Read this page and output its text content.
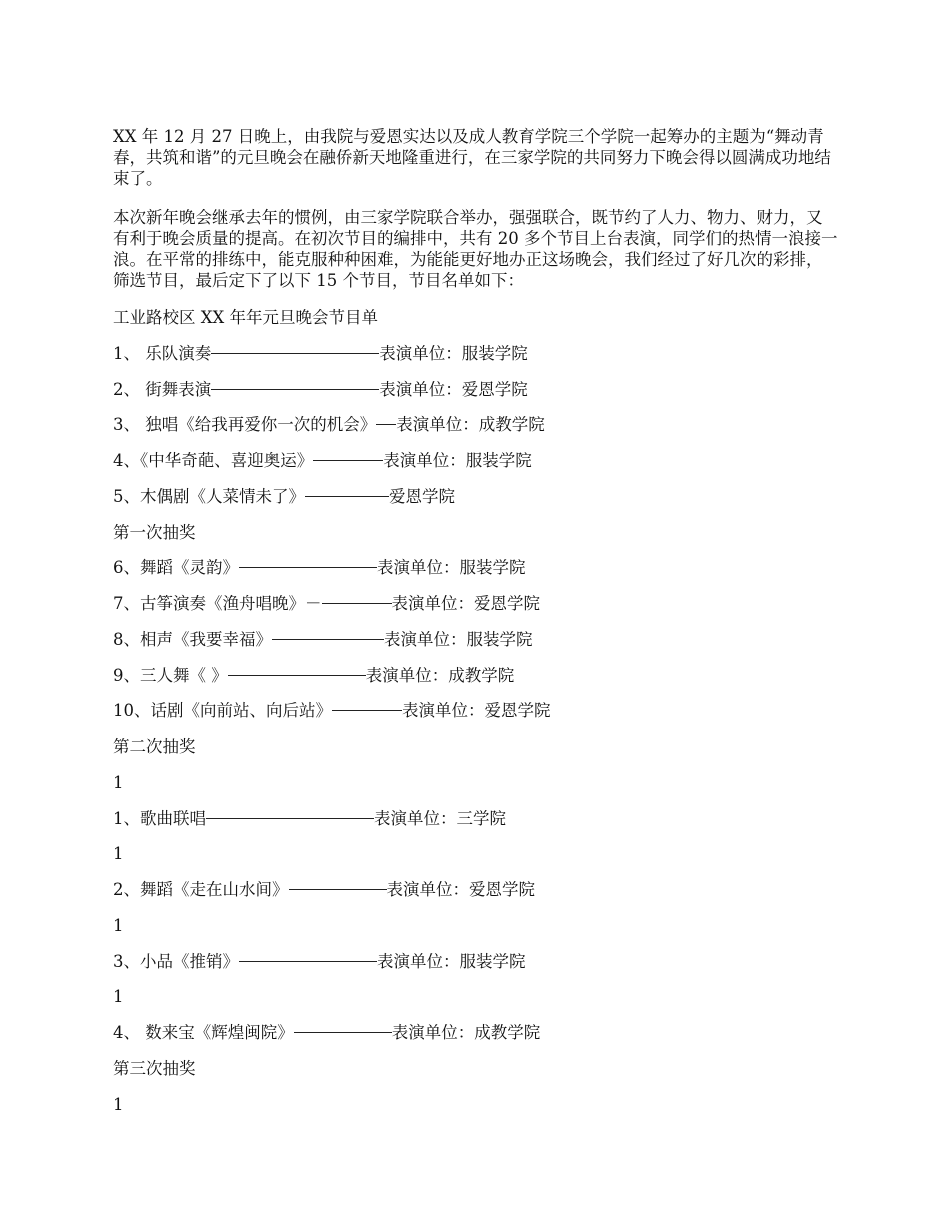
XX 年 12 月 27 日晚上，由我院与爱恩实达以及成人教育学院三个学院一起筹办的主题为“舞动青春，共筑和谐”的元旦晚会在融侨新天地隆重进行，在三家学院的共同努力下晚会得以圆满成功地结束了。

本次新年晚会继承去年的惯例，由三家学院联合举办，强强联合，既节约了人力、物力、财力，又有利于晚会质量的提高。在初次节目的编排中，共有 20 多个节目上台表演，同学们的热情一浪接一浪。在平常的排练中，能克服种种困难，为能能更好地办正这场晚会，我们经过了好几次的彩排，筛选节目，最后定下了以下 15 个节目，节目名单如下：

工业路校区 XX 年年元旦晚会节目单
1、 乐队演奏	表演单位：服装学院
2、 街舞表演	表演单位：爱恩学院
3、 独唱《给我再爱你一次的机会》 表演单位：成教学院
4、《中华奇葩、喜迎奥运》	表演单位：服装学院
5、木偶剧《人菜情未了》	爱恩学院
第一次抽奖
6、舞蹈《灵韵》	表演单位：服装学院
7、古筝演奏《渔舟唱晚》－	表演单位：爱恩学院
8、相声《我要幸福》	表演单位：服装学院
9、三人舞《 》	表演单位：成教学院
10、话剧《向前站、向后站》	表演单位：爱恩学院
第二次抽奖
1
1、歌曲联唱	表演单位：三学院
1
2、舞蹈《走在山水间》	表演单位：爱恩学院
1
3、小品《推销》	表演单位：服装学院
1
4、 数来宝《辉煌闽院》	表演单位：成教学院
第三次抽奖
1
